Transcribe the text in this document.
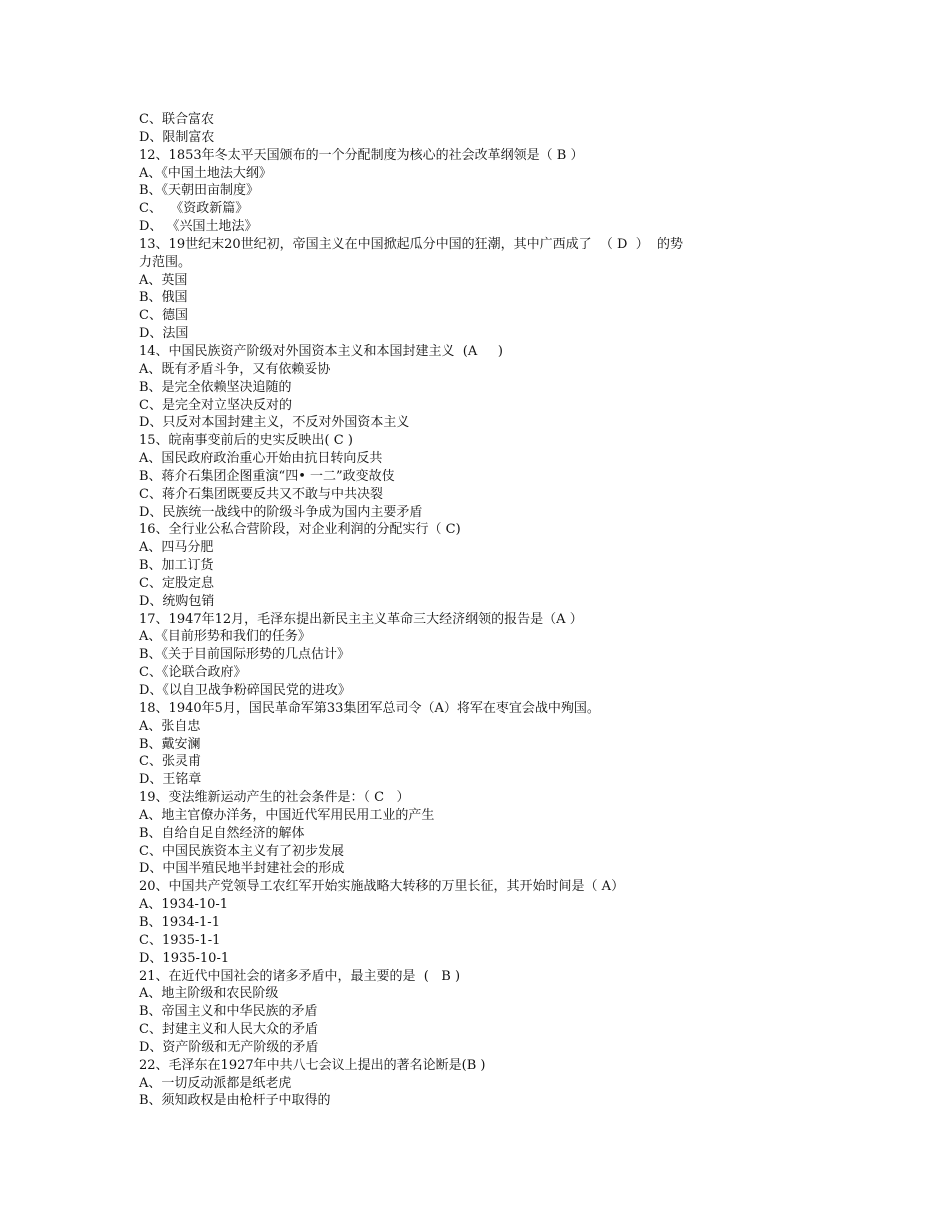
C、联合富农
D、限制富农
12、1853年冬太平天国颁布的一个分配制度为核心的社会改革纲领是（ B ）
A、《中国土地法大纲》
B、《天朝田亩制度》
C、  《资政新篇》
D、 《兴国土地法》
13、19世纪末20世纪初，帝国主义在中国掀起瓜分中国的狂潮，其中广西成了  （ D  ）  的势
力范围。
A、英国
B、俄国
C、德国
D、法国
14、中国民族资产阶级对外国资本主义和本国封建主义  (A     )
A、既有矛盾斗争，又有依赖妥协
B、是完全依赖坚决追随的
C、是完全对立坚决反对的
D、只反对本国封建主义，不反对外国资本主义
15、皖南事变前后的史实反映出( C )
A、国民政府政治重心开始由抗日转向反共
B、蒋介石集团企图重演“四• 一二”政变故伎
C、蒋介石集团既要反共又不敢与中共决裂
D、民族统一战线中的阶级斗争成为国内主要矛盾
16、全行业公私合营阶段，对企业利润的分配实行（ C)
A、四马分肥
B、加工订货
C、定股定息
D、统购包销
17、1947年12月，毛泽东提出新民主主义革命三大经济纲领的报告是（A ）
A、《目前形势和我们的任务》
B、《关于目前国际形势的几点估计》
C、《论联合政府》
D、《以自卫战争粉碎国民党的进攻》
18、1940年5月，国民革命军第33集团军总司令（A）将军在枣宜会战中殉国。
A、张自忠
B、戴安澜
C、张灵甫
D、王铭章
19、变法维新运动产生的社会条件是：（ C   ）
A、地主官僚办洋务，中国近代军用民用工业的产生
B、自给自足自然经济的解体
C、中国民族资本主义有了初步发展
D、中国半殖民地半封建社会的形成
20、中国共产党领导工农红军开始实施战略大转移的万里长征，其开始时间是（ A）
A、1934-10-1
B、1934-1-1
C、1935-1-1
D、1935-10-1
21、在近代中国社会的诸多矛盾中，最主要的是  (   B )
A、地主阶级和农民阶级
B、帝国主义和中华民族的矛盾
C、封建主义和人民大众的矛盾
D、资产阶级和无产阶级的矛盾
22、毛泽东在1927年中共八七会议上提出的著名论断是(B )
A、一切反动派都是纸老虎
B、须知政权是由枪杆子中取得的
